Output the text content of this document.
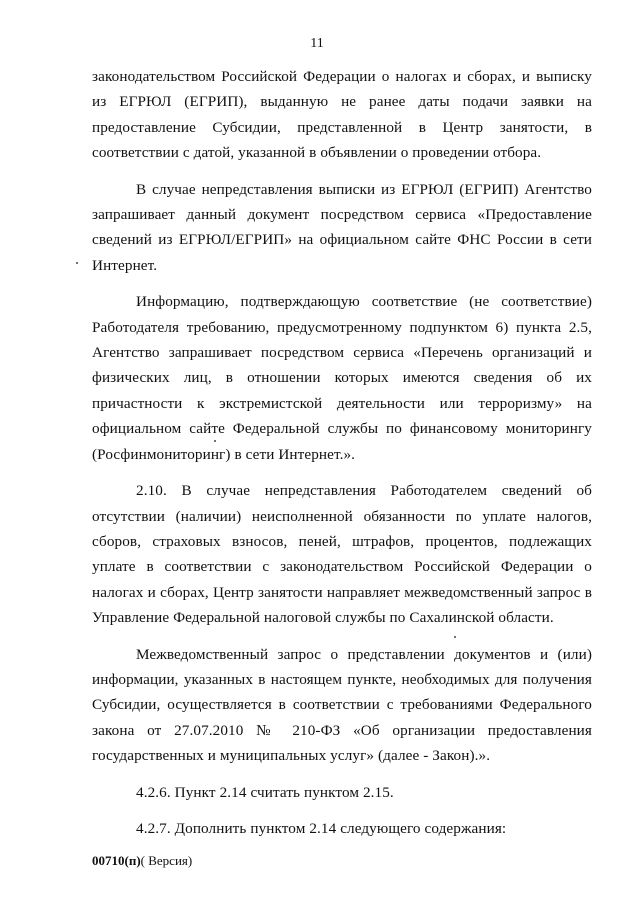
11

законодательством Российской Федерации о налогах и сборах, и выписку из ЕГРЮЛ (ЕГРИП), выданную не ранее даты подачи заявки на предоставление Субсидии, представленной в Центр занятости, в соответствии с датой, указанной в объявлении о проведении отбора.

В случае непредставления выписки из ЕГРЮЛ (ЕГРИП) Агентство запрашивает данный документ посредством сервиса «Предоставление сведений из ЕГРЮЛ/ЕГРИП» на официальном сайте ФНС России в сети Интернет.

Информацию, подтверждающую соответствие (не соответствие) Работодателя требованию, предусмотренному подпунктом 6) пункта 2.5, Агентство запрашивает посредством сервиса «Перечень организаций и физических лиц, в отношении которых имеются сведения об их причастности к экстремистской деятельности или терроризму» на официальном сайте Федеральной службы по финансовому мониторингу (Росфинмониторинг) в сети Интернет.».

2.10. В случае непредставления Работодателем сведений об отсутствии (наличии) неисполненной обязанности по уплате налогов, сборов, страховых взносов, пеней, штрафов, процентов, подлежащих уплате в соответствии с законодательством Российской Федерации о налогах и сборах, Центр занятости направляет межведомственный запрос в Управление Федеральной налоговой службы по Сахалинской области.

Межведомственный запрос о представлении документов и (или) информации, указанных в настоящем пункте, необходимых для получения Субсидии, осуществляется в соответствии с требованиями Федерального закона от 27.07.2010 № 210-ФЗ «Об организации предоставления государственных и муниципальных услуг» (далее - Закон).».

4.2.6. Пункт 2.14 считать пунктом 2.15.

4.2.7. Дополнить пунктом 2.14 следующего содержания:

00710(п)( Версия)
